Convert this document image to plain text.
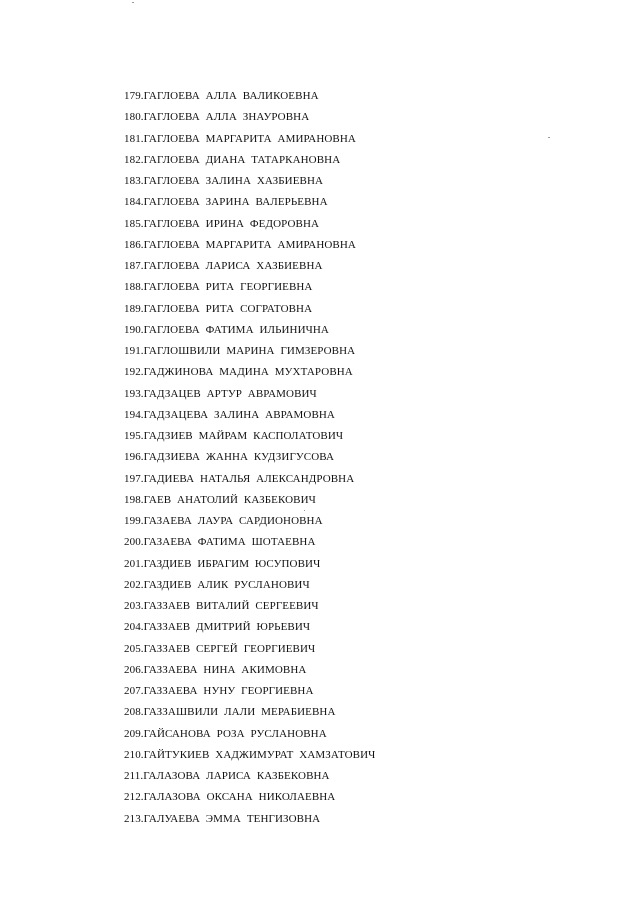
179.ГАГЛОЕВА АЛЛА ВАЛИКОЕВНА
180.ГАГЛОЕВА АЛЛА ЗНАУРОВНА
181.ГАГЛОЕВА МАРГАРИТА АМИРАНОВНА
182.ГАГЛОЕВА ДИАНА ТАТАРКАНОВНА
183.ГАГЛОЕВА ЗАЛИНА ХАЗБИЕВНА
184.ГАГЛОЕВА ЗАРИНА ВАЛЕРЬЕВНА
185.ГАГЛОЕВА ИРИНА ФЕДОРОВНА
186.ГАГЛОЕВА МАРГАРИТА АМИРАНОВНА
187.ГАГЛОЕВА ЛАРИСА ХАЗБИЕВНА
188.ГАГЛОЕВА РИТА ГЕОРГИЕВНА
189.ГАГЛОЕВА РИТА СОГРАТОВНА
190.ГАГЛОЕВА ФАТИМА ИЛЬИНИЧНА
191.ГАГЛОШВИЛИ МАРИНА ГИМЗЕРОВНА
192.ГАДЖИНОВА МАДИНА МУХТАРОВНА
193.ГАДЗАЦЕВ АРТУР АВРАМОВИЧ
194.ГАДЗАЦЕВА ЗАЛИНА АВРАМОВНА
195.ГАДЗИЕВ МАЙРАМ КАСПОЛАТОВИЧ
196.ГАДЗИЕВА ЖАННА КУДЗИГУСОВА
197.ГАДИЕВА НАТАЛЬЯ АЛЕКСАНДРОВНА
198.ГАЕВ АНАТОЛИЙ КАЗБЕКОВИЧ
199.ГАЗАЕВА ЛАУРА САРДИОНОВНА
200.ГАЗАЕВА ФАТИМА ШОТАЕВНА
201.ГАЗДИЕВ ИБРАГИМ ЮСУПОВИЧ
202.ГАЗДИЕВ АЛИК РУСЛАНОВИЧ
203.ГАЗЗАЕВ ВИТАЛИЙ СЕРГЕЕВИЧ
204.ГАЗЗАЕВ ДМИТРИЙ ЮРЬЕВИЧ
205.ГАЗЗАЕВ СЕРГЕЙ ГЕОРГИЕВИЧ
206.ГАЗЗАЕВА НИНА АКИМОВНА
207.ГАЗЗАЕВА НУНУ ГЕОРГИЕВНА
208.ГАЗЗАШВИЛИ ЛАЛИ МЕРАБИЕВНА
209.ГАЙСАНОВА РОЗА РУСЛАНОВНА
210.ГАЙТУКИЕВ ХАДЖИМУРАТ ХАМЗАТОВИЧ
211.ГАЛАЗОВА ЛАРИСА КАЗБЕКОВНА
212.ГАЛАЗОВА ОКСАНА НИКОЛАЕВНА
213.ГАЛУАЕВА ЭММА ТЕНГИЗОВНА
